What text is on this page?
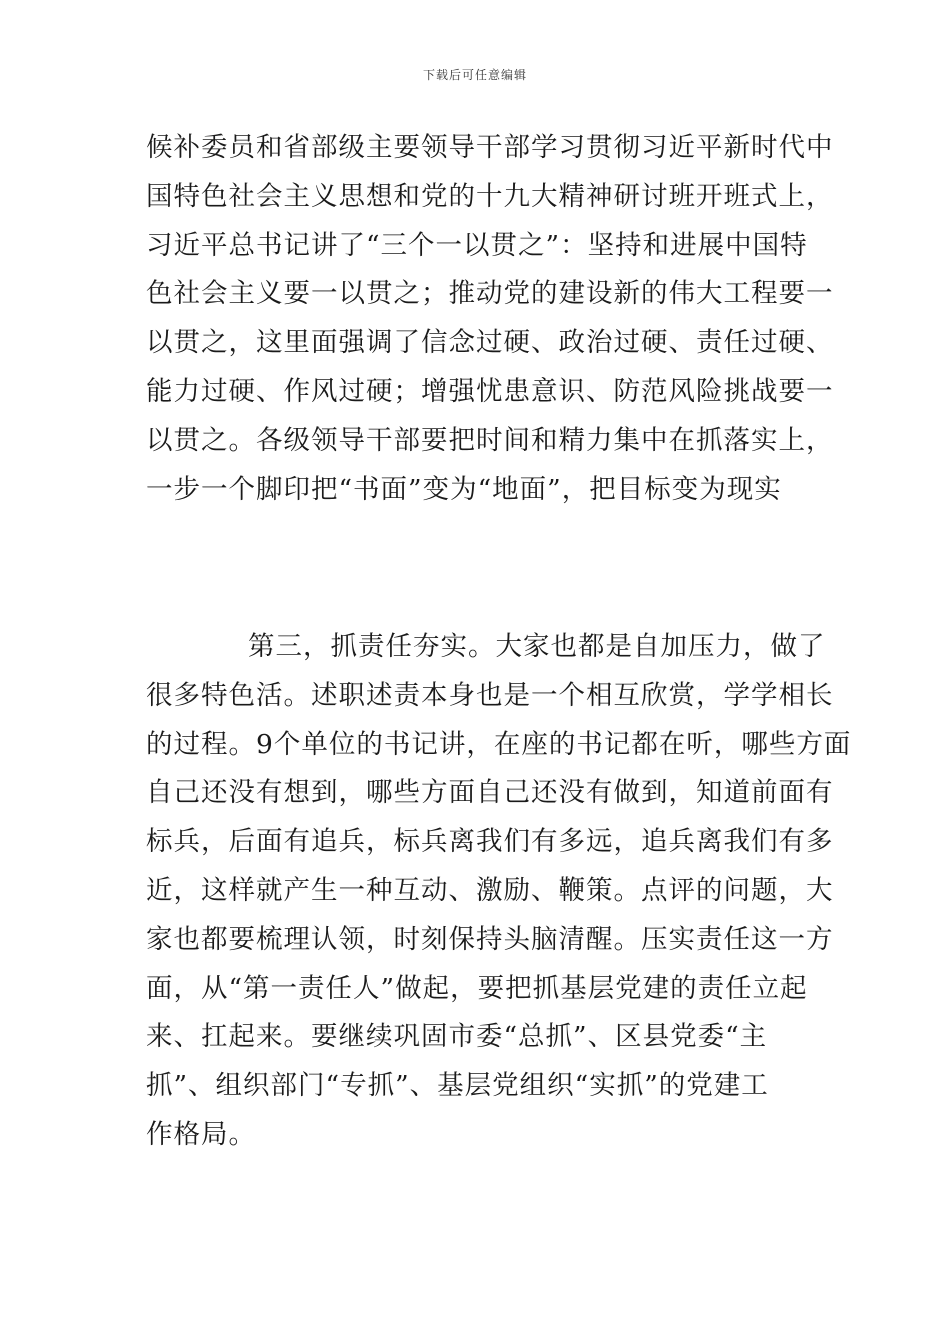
下载后可任意编辑
候补委员和省部级主要领导干部学习贯彻习近平新时代中
国特色社会主义思想和党的十九大精神研讨班开班式上，
习近平总书记讲了“三个一以贯之”：坚持和进展中国特
色社会主义要一以贯之；推动党的建设新的伟大工程要一
以贯之，这里面强调了信念过硬、政治过硬、责任过硬、
能力过硬、作风过硬；增强忧患意识、防范风险挑战要一
以贯之。各级领导干部要把时间和精力集中在抓落实上，
一步一个脚印把“书面”变为“地面”，把目标变为现实
第三，抓责任夯实。大家也都是自加压力，做了
很多特色活。述职述责本身也是一个相互欣赏，学学相长
的过程。9个单位的书记讲，在座的书记都在听，哪些方面
自己还没有想到，哪些方面自己还没有做到，知道前面有
标兵，后面有追兵，标兵离我们有多远，追兵离我们有多
近，这样就产生一种互动、激励、鞭策。点评的问题，大
家也都要梳理认领，时刻保持头脑清醒。压实责任这一方
面，从“第一责任人”做起，要把抓基层党建的责任立起
来、扛起来。要继续巩固市委“总抓”、区县党委“主
抓”、组织部门“专抓”、基层党组织“实抓”的党建工
作格局。
